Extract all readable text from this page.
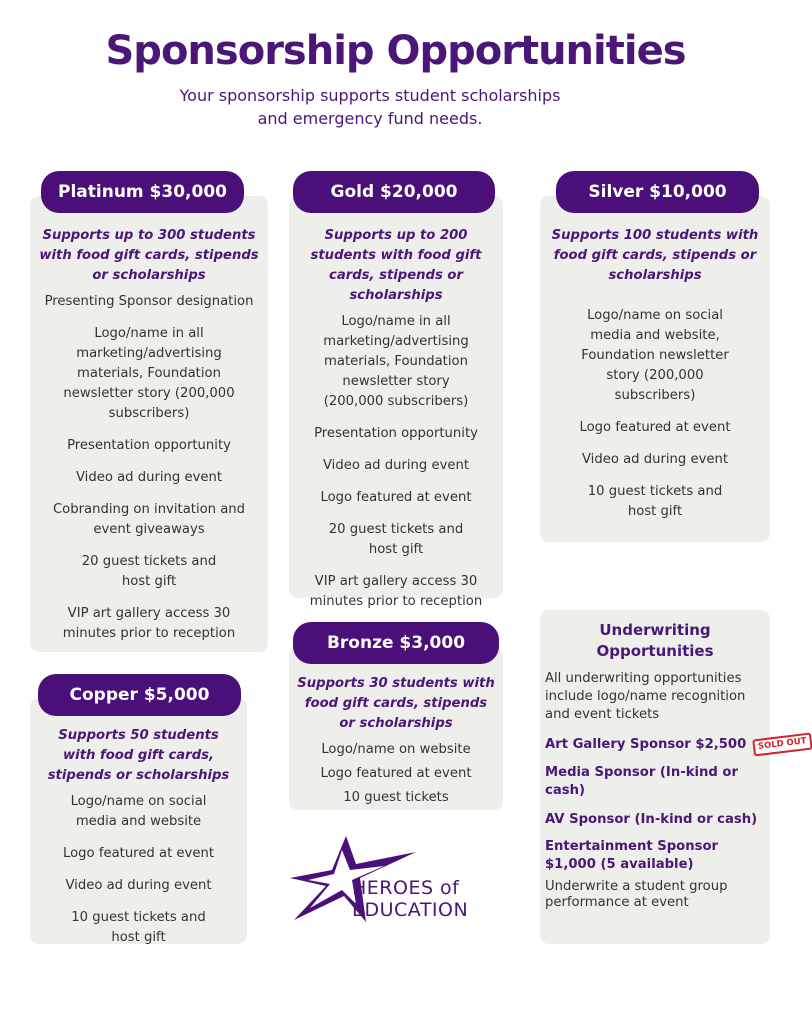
Sponsorship Opportunities
Your sponsorship supports student scholarships
and emergency fund needs.
Supports up to 300 students with food gift cards, stipends or scholarships
Presenting Sponsor designation
Logo/name in all marketing/advertising materials, Foundation newsletter story (200,000 subscribers)
Presentation opportunity
Video ad during event
Cobranding on invitation and event giveaways
20 guest tickets and host gift
VIP art gallery access 30 minutes prior to reception
Platinum $30,000
Supports up to 200 students with food gift cards, stipends or scholarships
Logo/name in all marketing/advertising materials, Foundation newsletter story (200,000 subscribers)
Presentation opportunity
Video ad during event
Logo featured at event
20 guest tickets and host gift
VIP art gallery access 30 minutes prior to reception
Gold $20,000
Supports 100 students with food gift cards, stipends or scholarships
Logo/name on social media and website, Foundation newsletter story (200,000 subscribers)
Logo featured at event
Video ad during event
10 guest tickets and host gift
Silver $10,000
Supports 30 students with food gift cards, stipends or scholarships
Logo/name on website
Logo featured at event
10 guest tickets
Bronze $3,000
Supports 50 students with food gift cards, stipends or scholarships
Logo/name on social media and website
Logo featured at event
Video ad during event
10 guest tickets and host gift
Copper $5,000
Underwriting Opportunities
All underwriting opportunities include logo/name recognition and event tickets
Art Gallery Sponsor $2,500 SOLD OUT
Media Sponsor (In-kind or cash)
AV Sponsor (In-kind or cash)
Entertainment Sponsor $1,000 (5 available)
Underwrite a student group performance at event
HEROES of
EDUCATION
